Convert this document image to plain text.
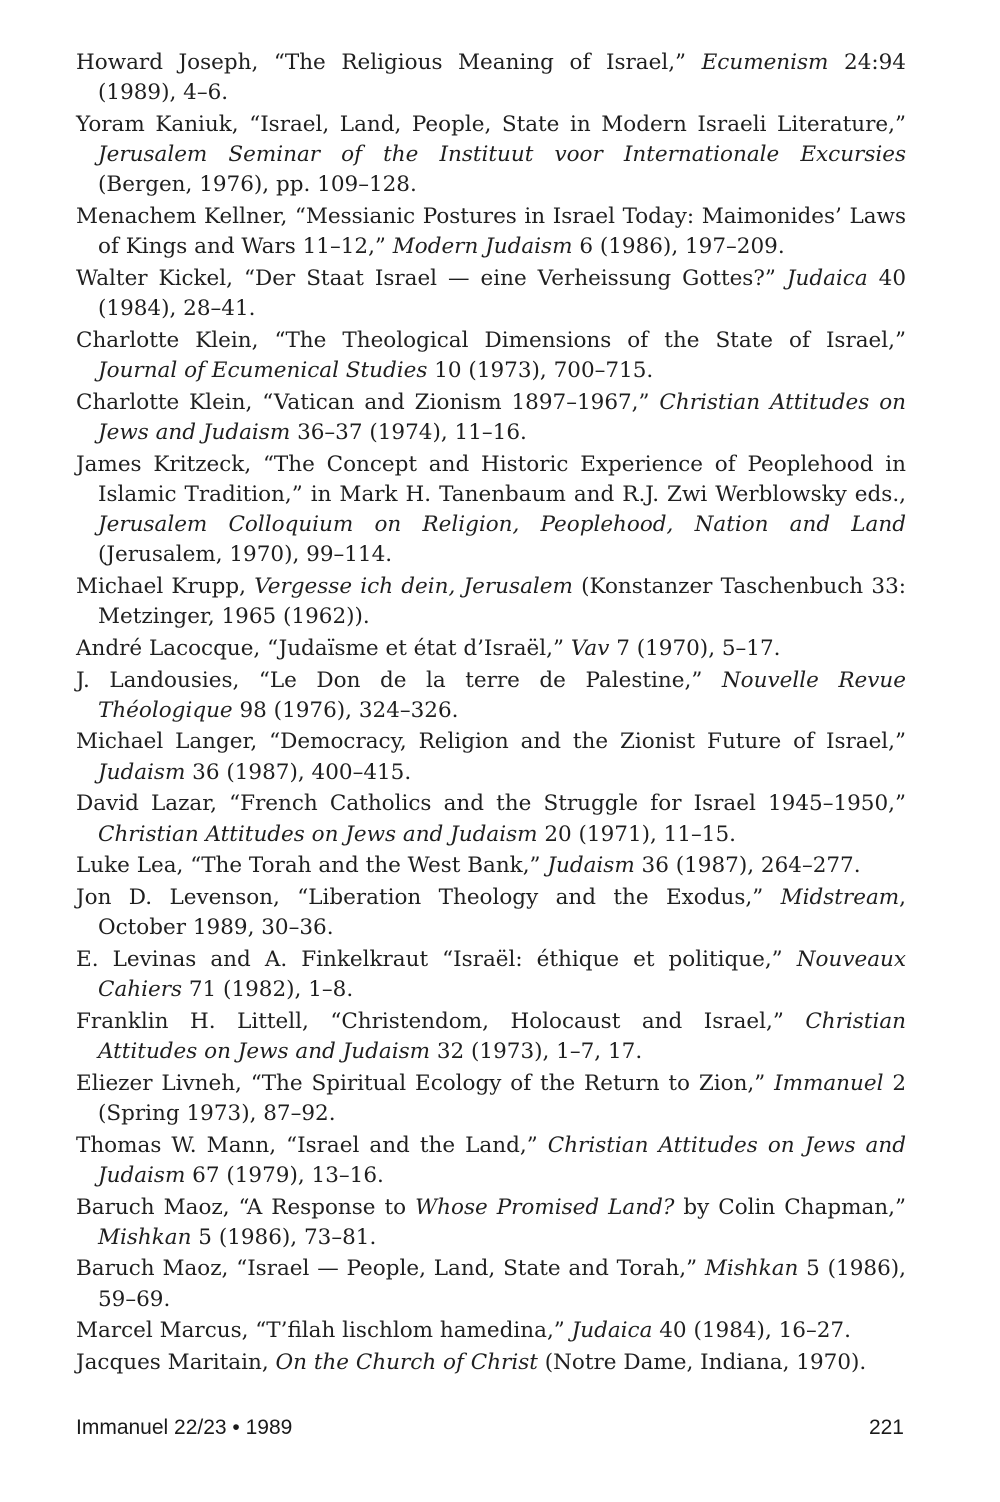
Howard Joseph, “The Religious Meaning of Israel,” Ecumenism 24:94 (1989), 4–6.

Yoram Kaniuk, “Israel, Land, People, State in Modern Israeli Literature,” Jerusalem Seminar of the Instituut voor Internationale Excursies (Bergen, 1976), pp. 109–128.

Menachem Kellner, “Messianic Postures in Israel Today: Maimonides’ Laws of Kings and Wars 11–12,” Modern Judaism 6 (1986), 197–209.

Walter Kickel, “Der Staat Israel — eine Verheissung Gottes?” Judaica 40 (1984), 28–41.

Charlotte Klein, “The Theological Dimensions of the State of Israel,” Journal of Ecumenical Studies 10 (1973), 700–715.

Charlotte Klein, “Vatican and Zionism 1897–1967,” Christian Attitudes on Jews and Judaism 36–37 (1974), 11–16.

James Kritzeck, “The Concept and Historic Experience of Peoplehood in Islamic Tradition,” in Mark H. Tanenbaum and R.J. Zwi Werblowsky eds., Jerusalem Colloquium on Religion, Peoplehood, Nation and Land (Jerusalem, 1970), 99–114.

Michael Krupp, Vergesse ich dein, Jerusalem (Konstanzer Taschenbuch 33: Metzinger, 1965 (1962)).

André Lacocque, “Judaïsme et état d’Israël,” Vav 7 (1970), 5–17.

J. Landousies, “Le Don de la terre de Palestine,” Nouvelle Revue Théologique 98 (1976), 324–326.

Michael Langer, “Democracy, Religion and the Zionist Future of Israel,” Judaism 36 (1987), 400–415.

David Lazar, “French Catholics and the Struggle for Israel 1945–1950,” Christian Attitudes on Jews and Judaism 20 (1971), 11–15.

Luke Lea, “The Torah and the West Bank,” Judaism 36 (1987), 264–277.

Jon D. Levenson, “Liberation Theology and the Exodus,” Midstream, October 1989, 30–36.

E. Levinas and A. Finkelkraut “Israël: éthique et politique,” Nouveaux Cahiers 71 (1982), 1–8.

Franklin H. Littell, “Christendom, Holocaust and Israel,” Christian Attitudes on Jews and Judaism 32 (1973), 1–7, 17.

Eliezer Livneh, “The Spiritual Ecology of the Return to Zion,” Immanuel 2 (Spring 1973), 87–92.

Thomas W. Mann, “Israel and the Land,” Christian Attitudes on Jews and Judaism 67 (1979), 13–16.

Baruch Maoz, “A Response to Whose Promised Land? by Colin Chapman,” Mishkan 5 (1986), 73–81.

Baruch Maoz, “Israel — People, Land, State and Torah,” Mishkan 5 (1986), 59–69.

Marcel Marcus, “T’filah lischlom hamedina,” Judaica 40 (1984), 16–27.

Jacques Maritain, On the Church of Christ (Notre Dame, Indiana, 1970).

Immanuel 22/23 • 1989	221
